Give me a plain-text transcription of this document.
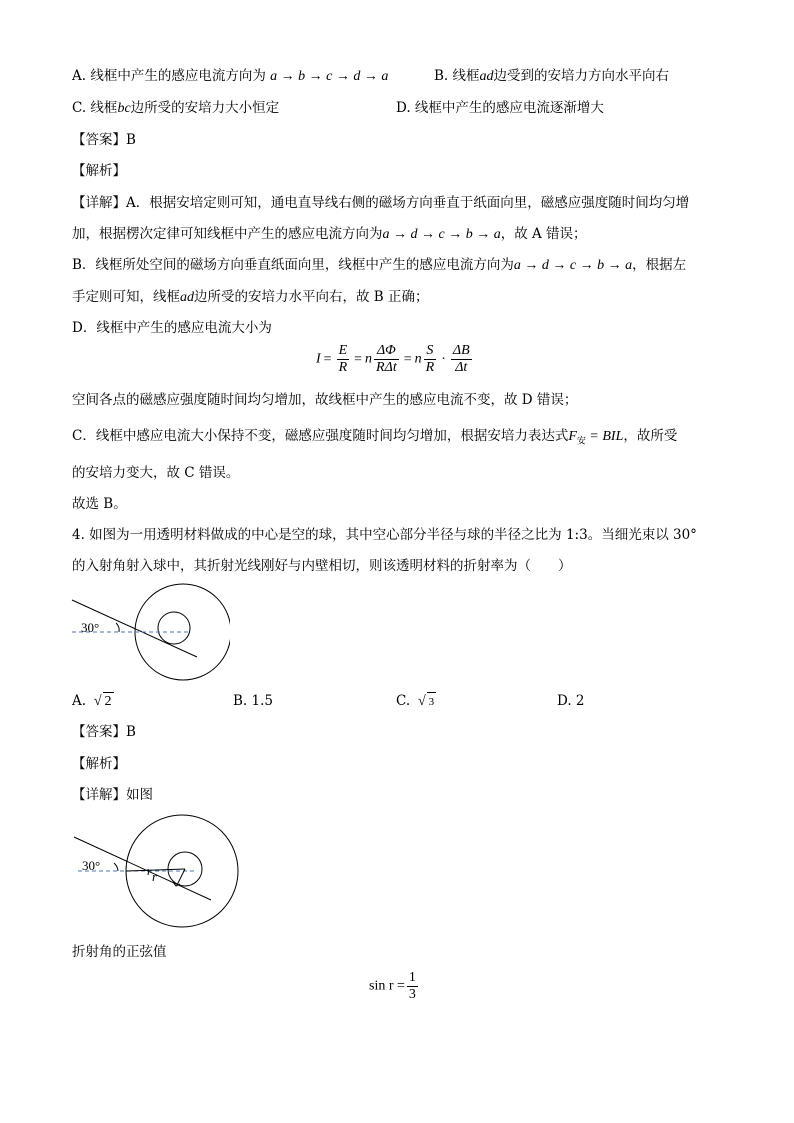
A. 线框中产生的感应电流方向为 a → b → c → d → a	B. 线框ad边受到的安培力方向水平向右
C. 线框bc边所受的安培力大小恒定	D. 线框中产生的感应电流逐渐增大
【答案】B
【解析】
【详解】A．根据安培定则可知，通电直导线右侧的磁场方向垂直于纸面向里，磁感应强度随时间均匀增
加，根据楞次定律可知线框中产生的感应电流方向为a → d → c → b → a，故 A 错误；
B．线框所处空间的磁场方向垂直纸面向里，线框中产生的感应电流方向为a → d → c → b → a，根据左
手定则可知，线框ad边所受的安培力水平向右，故 B 正确；
D．线框中产生的感应电流大小为
$I = \frac{E}{R} = n \frac{\Delta\Phi}{\text{RΔt}} = n \frac{S}{R} \cdot \frac{\Delta B}{\Delta t}$
空间各点的磁感应强度随时间均匀增加，故线框中产生的感应电流不变，故 D 错误；
C．线框中感应电流大小保持不变，磁感应强度随时间均匀增加，根据安培力表达式$F_安$ = BIL，故所受
的安培力变大，故 C 错误。
故选 B。
4. 如图为一用透明材料做成的中心是空的球，其中空心部分半径与球的半径之比为 1:3。当细光束以 30°
的入射角射入球中，其折射光线刚好与内壁相切，则该透明材料的折射率为（　　）
30°
A.  √ 2	B. 1.5	C.  √ 3	D. 2
【答案】B
【解析】
【详解】如图
30°
r
折射角的正弦值
$\sin r = \frac{1}{3}$
